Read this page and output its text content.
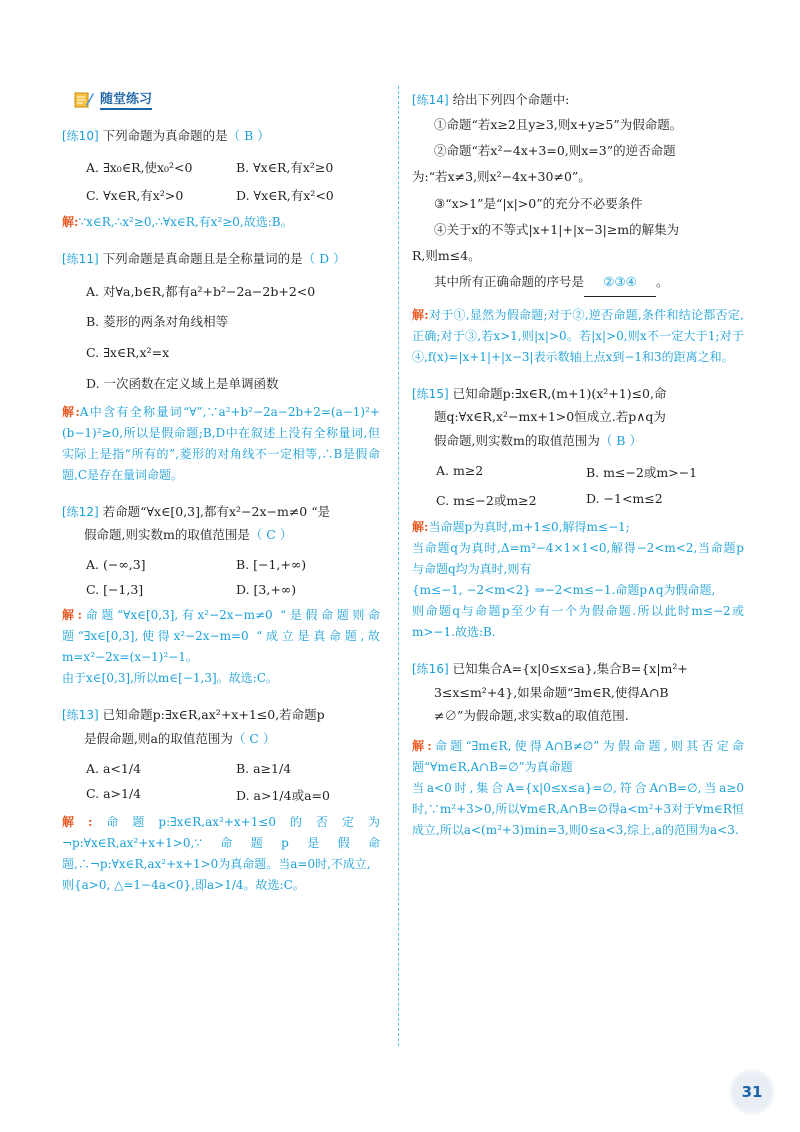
随堂练习

[练10] 下列命题为真命题的是（ B ）

A. ∃x₀∈R,使x₀²<0	B. ∀x∈R,有x²≥0
C. ∀x∈R,有x²>0	D. ∀x∈R,有x²<0

解:∵x∈R,∴x²≥0,∴∀x∈R,有x²≥0,故选:B。

[练11] 下列命题是真命题且是全称量词的是（ D ）

A. 对∀a,b∈R,都有a²+b²−2a−2b+2<0

B. 菱形的两条对角线相等

C. ∃x∈R,x²=x

D. 一次函数在定义域上是单调函数

解:A中含有全称量词“∀”,∵a²+b²−2a−2b+2=(a−1)²+(b−1)²≥0,所以是假命题;B,D中在叙述上没有全称量词,但实际上是指“所有的”,菱形的对角线不一定相等,∴B是假命题,C是存在量词命题。

[练12] 若命题“∀x∈[0,3],都有x²−2x−m≠0 “是

假命题,则实数m的取值范围是（ C ）

A. (−∞,3]	B. [−1,+∞)
C. [−1,3]	D. [3,+∞)

解:命题“∀x∈[0,3],有x²−2x−m≠0 “是假命题则命题“∃x∈[0,3],使得x²−2x−m=0 “成立是真命题,故m=x²−2x=(x−1)²−1。
由于x∈[0,3],所以m∈[−1,3]。故选:C。

[练13] 已知命题p:∃x∈R,ax²+x+1≤0,若命题p

是假命题,则a的取值范围为（ C ）

A. a<1/4	B. a≥1/4
C. a>1/4	D. a>1/4或a=0

解:命题p:∃x∈R,ax²+x+1≤0的否定为¬p:∀x∈R,ax²+x+1>0,∵命题p是假命题,∴¬p:∀x∈R,ax²+x+1>0为真命题。当a=0时,不成立,
则{a>0, △=1−4a<0},即a>1/4。故选:C。

[练14] 给出下列四个命题中:

①命题“若x≥2且y≥3,则x+y≥5”为假命题。

②命题“若x²−4x+3=0,则x=3”的逆否命题

为:“若x≠3,则x²−4x+30≠0”。

③“x>1”是“|x|>0”的充分不必要条件

④关于x的不等式|x+1|+|x−3|≥m的解集为

R,则m≤4。

其中所有正确命题的序号是 ②③④ 。

解:对于①,显然为假命题;对于②,逆否命题,条件和结论都否定,正确;对于③,若x>1,则|x|>0。若|x|>0,则x不一定大于1;对于④,f(x)=|x+1|+|x−3|表示数轴上点x到−1和3的距离之和。

[练15] 已知命题p:∃x∈R,(m+1)(x²+1)≤0,命

题q:∀x∈R,x²−mx+1>0恒成立.若p∧q为

假命题,则实数m的取值范围为（ B ）

A. m≥2	B. m≤−2或m>−1
C. m≤−2或m≥2	D. −1<m≤2

解:当命题p为真时,m+1≤0,解得m≤−1;
当命题q为真时,Δ=m²−4×1×1<0,解得−2<m<2,当命题p与命题q均为真时,则有
{m≤−1, −2<m<2} ⇒−2<m≤−1.命题p∧q为假命题,
则命题q与命题p至少有一个为假命题.所以此时m≤−2或m>−1.故选:B.

[练16] 已知集合A={x|0≤x≤a},集合B={x|m²+

3≤x≤m²+4},如果命题“∃m∈R,使得A∩B

≠∅”为假命题,求实数a的取值范围.

解:命题“∃m∈R,使得A∩B≠∅”为假命题,则其否定命题“∀m∈R,A∩B=∅”为真命题
当a<0时,集合A={x|0≤x≤a}=∅,符合A∩B=∅,当a≥0时,∵m²+3>0,所以∀m∈R,A∩B=∅得a<m²+3对于∀m∈R恒成立,所以a<(m²+3)min=3,则0≤a<3,综上,a的范围为a<3.

31
